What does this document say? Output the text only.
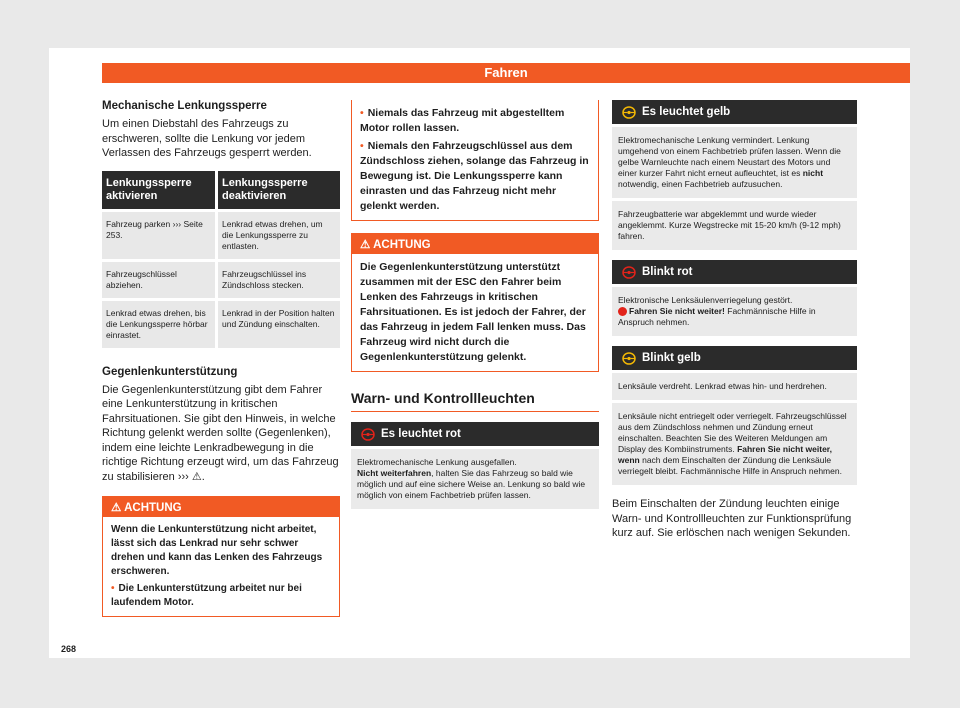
Fahren
Mechanische Lenkungssperre
Um einen Diebstahl des Fahrzeugs zu erschweren, sollte die Lenkung vor jedem Verlassen des Fahrzeugs gesperrt werden.
Lenkungssperre aktivieren	Lenkungssperre deaktivieren
Fahrzeug parken ››› Seite 253.	Lenkrad etwas drehen, um die Lenkungssperre zu entlasten.
Fahrzeugschlüssel abziehen.	Fahrzeugschlüssel ins Zündschloss stecken.
Lenkrad etwas drehen, bis die Lenkungssperre hörbar einrastet.	Lenkrad in der Position halten und Zündung einschalten.
Gegenlenkunterstützung
Die Gegenlenkunterstützung gibt dem Fahrer eine Lenkunterstützung in kritischen Fahrsituationen. Sie gibt den Hinweis, in welche Richtung gelenkt werden sollte (Gegenlenken), indem eine leichte Lenkradbewegung in die richtige Richtung erzeugt wird, um das Fahrzeug zu stabilisieren ››› ⚠.
⚠ ACHTUNG
Wenn die Lenkunterstützung nicht arbeitet, lässt sich das Lenkrad nur sehr schwer drehen und kann das Lenken des Fahrzeugs erschweren.
• Die Lenkunterstützung arbeitet nur bei laufendem Motor.
• Niemals das Fahrzeug mit abgestelltem Motor rollen lassen.
• Niemals den Fahrzeugschlüssel aus dem Zündschloss ziehen, solange das Fahrzeug in Bewegung ist. Die Lenkungssperre kann einrasten und das Fahrzeug nicht mehr gelenkt werden.
⚠ ACHTUNG
Die Gegenlenkunterstützung unterstützt zusammen mit der ESC den Fahrer beim Lenken des Fahrzeugs in kritischen Fahrsituationen. Es ist jedoch der Fahrer, der das Fahrzeug in jedem Fall lenken muss. Das Fahrzeug wird nicht durch die Gegenlenkunterstützung gelenkt.
Warn- und Kontrollleuchten
Es leuchtet rot
Elektromechanische Lenkung ausgefallen.
Nicht weiterfahren, halten Sie das Fahrzeug so bald wie möglich und auf eine sichere Weise an. Lenkung so bald wie möglich von einem Fachbetrieb prüfen lassen.
Es leuchtet gelb
Elektromechanische Lenkung vermindert. Lenkung umgehend von einem Fachbetrieb prüfen lassen. Wenn die gelbe Warnleuchte nach einem Neustart des Motors und einer kurzer Fahrt nicht erneut aufleuchtet, ist es nicht notwendig, einen Fachbetrieb aufzusuchen.
Fahrzeugbatterie war abgeklemmt und wurde wieder angeklemmt. Kurze Wegstrecke mit 15-20 km/h (9-12 mph) fahren.
Blinkt rot
Elektronische Lenksäulenverriegelung gestört.
Fahren Sie nicht weiter! Fachmännische Hilfe in Anspruch nehmen.
Blinkt gelb
Lenksäule verdreht. Lenkrad etwas hin- und herdrehen.
Lenksäule nicht entriegelt oder verriegelt. Fahrzeugschlüssel aus dem Zündschloss nehmen und Zündung erneut einschalten. Beachten Sie des Weiteren Meldungen am Display des Kombiinstruments. Fahren Sie nicht weiter, wenn nach dem Einschalten der Zündung die Lenksäule verriegelt bleibt. Fachmännische Hilfe in Anspruch nehmen.
Beim Einschalten der Zündung leuchten einige Warn- und Kontrollleuchten zur Funktionsprüfung kurz auf. Sie erlöschen nach wenigen Sekunden.
268
